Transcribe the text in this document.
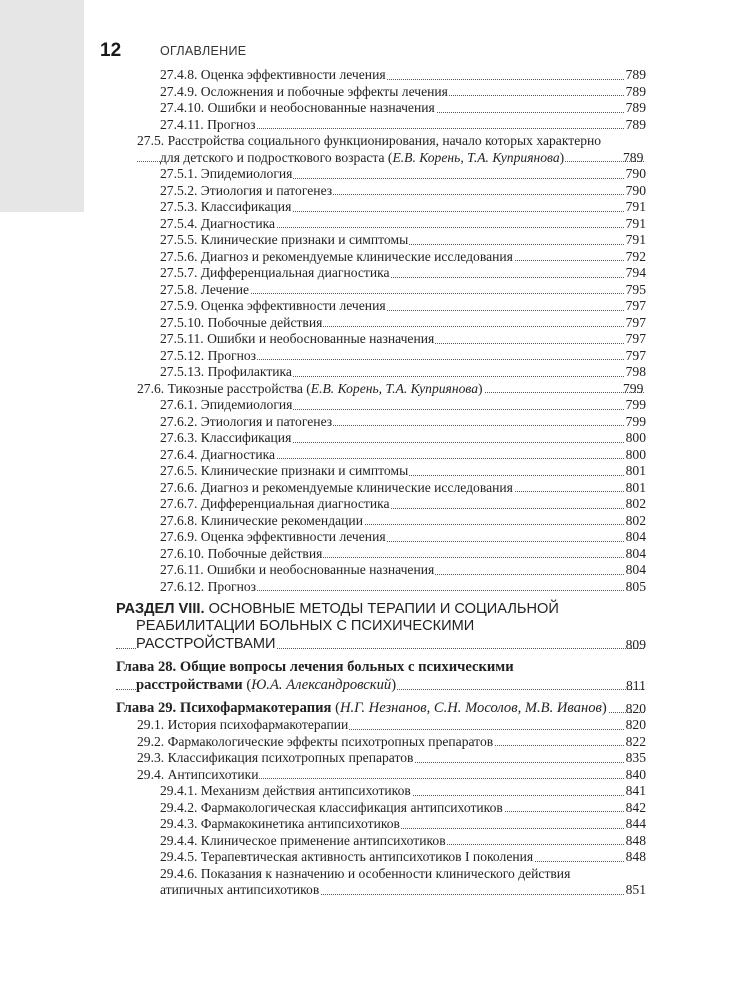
12	ОГЛАВЛЕНИЕ
27.4.8. Оценка эффективности лечения	789
27.4.9. Осложнения и побочные эффекты лечения	789
27.4.10. Ошибки и необоснованные назначения	789
27.4.11. Прогноз	789
27.5. Расстройства социального функционирования, начало которых характерно для детского и подросткового возраста (Е.В. Корень, Т.А. Куприянова)	789
27.5.1. Эпидемиология	790
27.5.2. Этиология и патогенез	790
27.5.3. Классификация	791
27.5.4. Диагностика	791
27.5.5. Клинические признаки и симптомы	791
27.5.6. Диагноз и рекомендуемые клинические исследования	792
27.5.7. Дифференциальная диагностика	794
27.5.8. Лечение	795
27.5.9. Оценка эффективности лечения	797
27.5.10. Побочные действия	797
27.5.11. Ошибки и необоснованные назначения	797
27.5.12. Прогноз	797
27.5.13. Профилактика	798
27.6. Тикозные расстройства (Е.В. Корень, Т.А. Куприянова)	799
27.6.1. Эпидемиология	799
27.6.2. Этиология и патогенез	799
27.6.3. Классификация	800
27.6.4. Диагностика	800
27.6.5. Клинические признаки и симптомы	801
27.6.6. Диагноз и рекомендуемые клинические исследования	801
27.6.7. Дифференциальная диагностика	802
27.6.8. Клинические рекомендации	802
27.6.9. Оценка эффективности лечения	804
27.6.10. Побочные действия	804
27.6.11. Ошибки и необоснованные назначения	804
27.6.12. Прогноз	805
РАЗДЕЛ VIII. ОСНОВНЫЕ МЕТОДЫ ТЕРАПИИ И СОЦИАЛЬНОЙ РЕАБИЛИТАЦИИ БОЛЬНЫХ С ПСИХИЧЕСКИМИ РАССТРОЙСТВАМИ	809
Глава 28. Общие вопросы лечения больных с психическими расстройствами (Ю.А. Александровский)	811
Глава 29. Психофармакотерапия (Н.Г. Незнанов, С.Н. Мосолов, М.В. Иванов) 820
29.1. История психофармакотерапии	820
29.2. Фармакологические эффекты психотропных препаратов	822
29.3. Классификация психотропных препаратов	835
29.4. Антипсихотики	840
29.4.1. Механизм действия антипсихотиков	841
29.4.2. Фармакологическая классификация антипсихотиков	842
29.4.3. Фармакокинетика антипсихотиков	844
29.4.4. Клиническое применение антипсихотиков	848
29.4.5. Терапевтическая активность антипсихотиков I поколения	848
29.4.6. Показания к назначению и особенности клинического действия атипичных антипсихотиков	851
